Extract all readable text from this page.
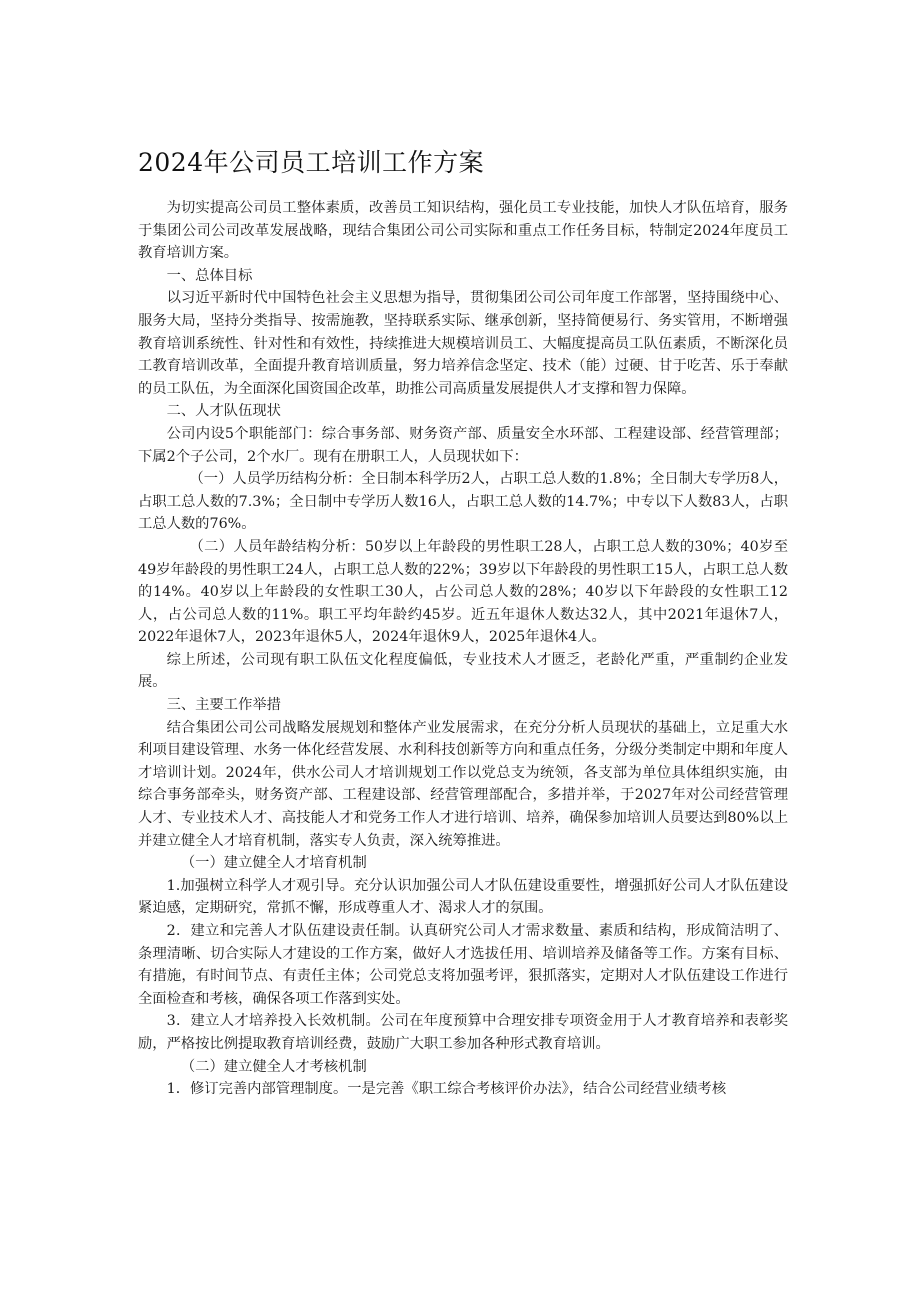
2024年公司员工培训工作方案

为切实提高公司员工整体素质，改善员工知识结构，强化员工专业技能，加快人才队伍培育，服务于集团公司公司改革发展战略，现结合集团公司公司实际和重点工作任务目标，特制定2024年度员工教育培训方案。

一、总体目标

以习近平新时代中国特色社会主义思想为指导，贯彻集团公司公司年度工作部署，坚持围绕中心、服务大局，坚持分类指导、按需施教，坚持联系实际、继承创新，坚持简便易行、务实管用，不断增强教育培训系统性、针对性和有效性，持续推进大规模培训员工、大幅度提高员工队伍素质，不断深化员工教育培训改革，全面提升教育培训质量，努力培养信念坚定、技术（能）过硬、甘于吃苦、乐于奉献的员工队伍，为全面深化国资国企改革，助推公司高质量发展提供人才支撑和智力保障。

二、人才队伍现状

公司内设5个职能部门：综合事务部、财务资产部、质量安全水环部、工程建设部、经营管理部；下属2个子公司，2个水厂。现有在册职工人，人员现状如下：

（一）人员学历结构分析：全日制本科学历2人，占职工总人数的1.8%；全日制大专学历8人，占职工总人数的7.3%；全日制中专学历人数16人，占职工总人数的14.7%；中专以下人数83人，占职工总人数的76%。

（二）人员年龄结构分析：50岁以上年龄段的男性职工28人，占职工总人数的30%；40岁至49岁年龄段的男性职工24人，占职工总人数的22%；39岁以下年龄段的男性职工15人，占职工总人数的14%。40岁以上年龄段的女性职工30人，占公司总人数的28%；40岁以下年龄段的女性职工12人，占公司总人数的11%。职工平均年龄约45岁。近五年退休人数达32人，其中2021年退休7人，2022年退休7人，2023年退休5人，2024年退休9人，2025年退休4人。

综上所述，公司现有职工队伍文化程度偏低，专业技术人才匮乏，老龄化严重，严重制约企业发展。

三、主要工作举措

结合集团公司公司战略发展规划和整体产业发展需求，在充分分析人员现状的基础上，立足重大水利项目建设管理、水务一体化经营发展、水利科技创新等方向和重点任务，分级分类制定中期和年度人才培训计划。2024年，供水公司人才培训规划工作以党总支为统领，各支部为单位具体组织实施，由综合事务部牵头，财务资产部、工程建设部、经营管理部配合，多措并举，于2027年对公司经营管理人才、专业技术人才、高技能人才和党务工作人才进行培训、培养，确保参加培训人员要达到80%以上并建立健全人才培育机制，落实专人负责，深入统筹推进。

（一）建立健全人才培育机制

1.加强树立科学人才观引导。充分认识加强公司人才队伍建设重要性，增强抓好公司人才队伍建设紧迫感，定期研究，常抓不懈，形成尊重人才、渴求人才的氛围。

2．建立和完善人才队伍建设责任制。认真研究公司人才需求数量、素质和结构，形成简洁明了、条理清晰、切合实际人才建设的工作方案，做好人才选拔任用、培训培养及储备等工作。方案有目标、有措施，有时间节点、有责任主体；公司党总支将加强考评，狠抓落实，定期对人才队伍建设工作进行全面检查和考核，确保各项工作落到实处。

3．建立人才培养投入长效机制。公司在年度预算中合理安排专项资金用于人才教育培养和表彰奖励，严格按比例提取教育培训经费，鼓励广大职工参加各种形式教育培训。

（二）建立健全人才考核机制

1．修订完善内部管理制度。一是完善《职工综合考核评价办法》，结合公司经营业绩考核
